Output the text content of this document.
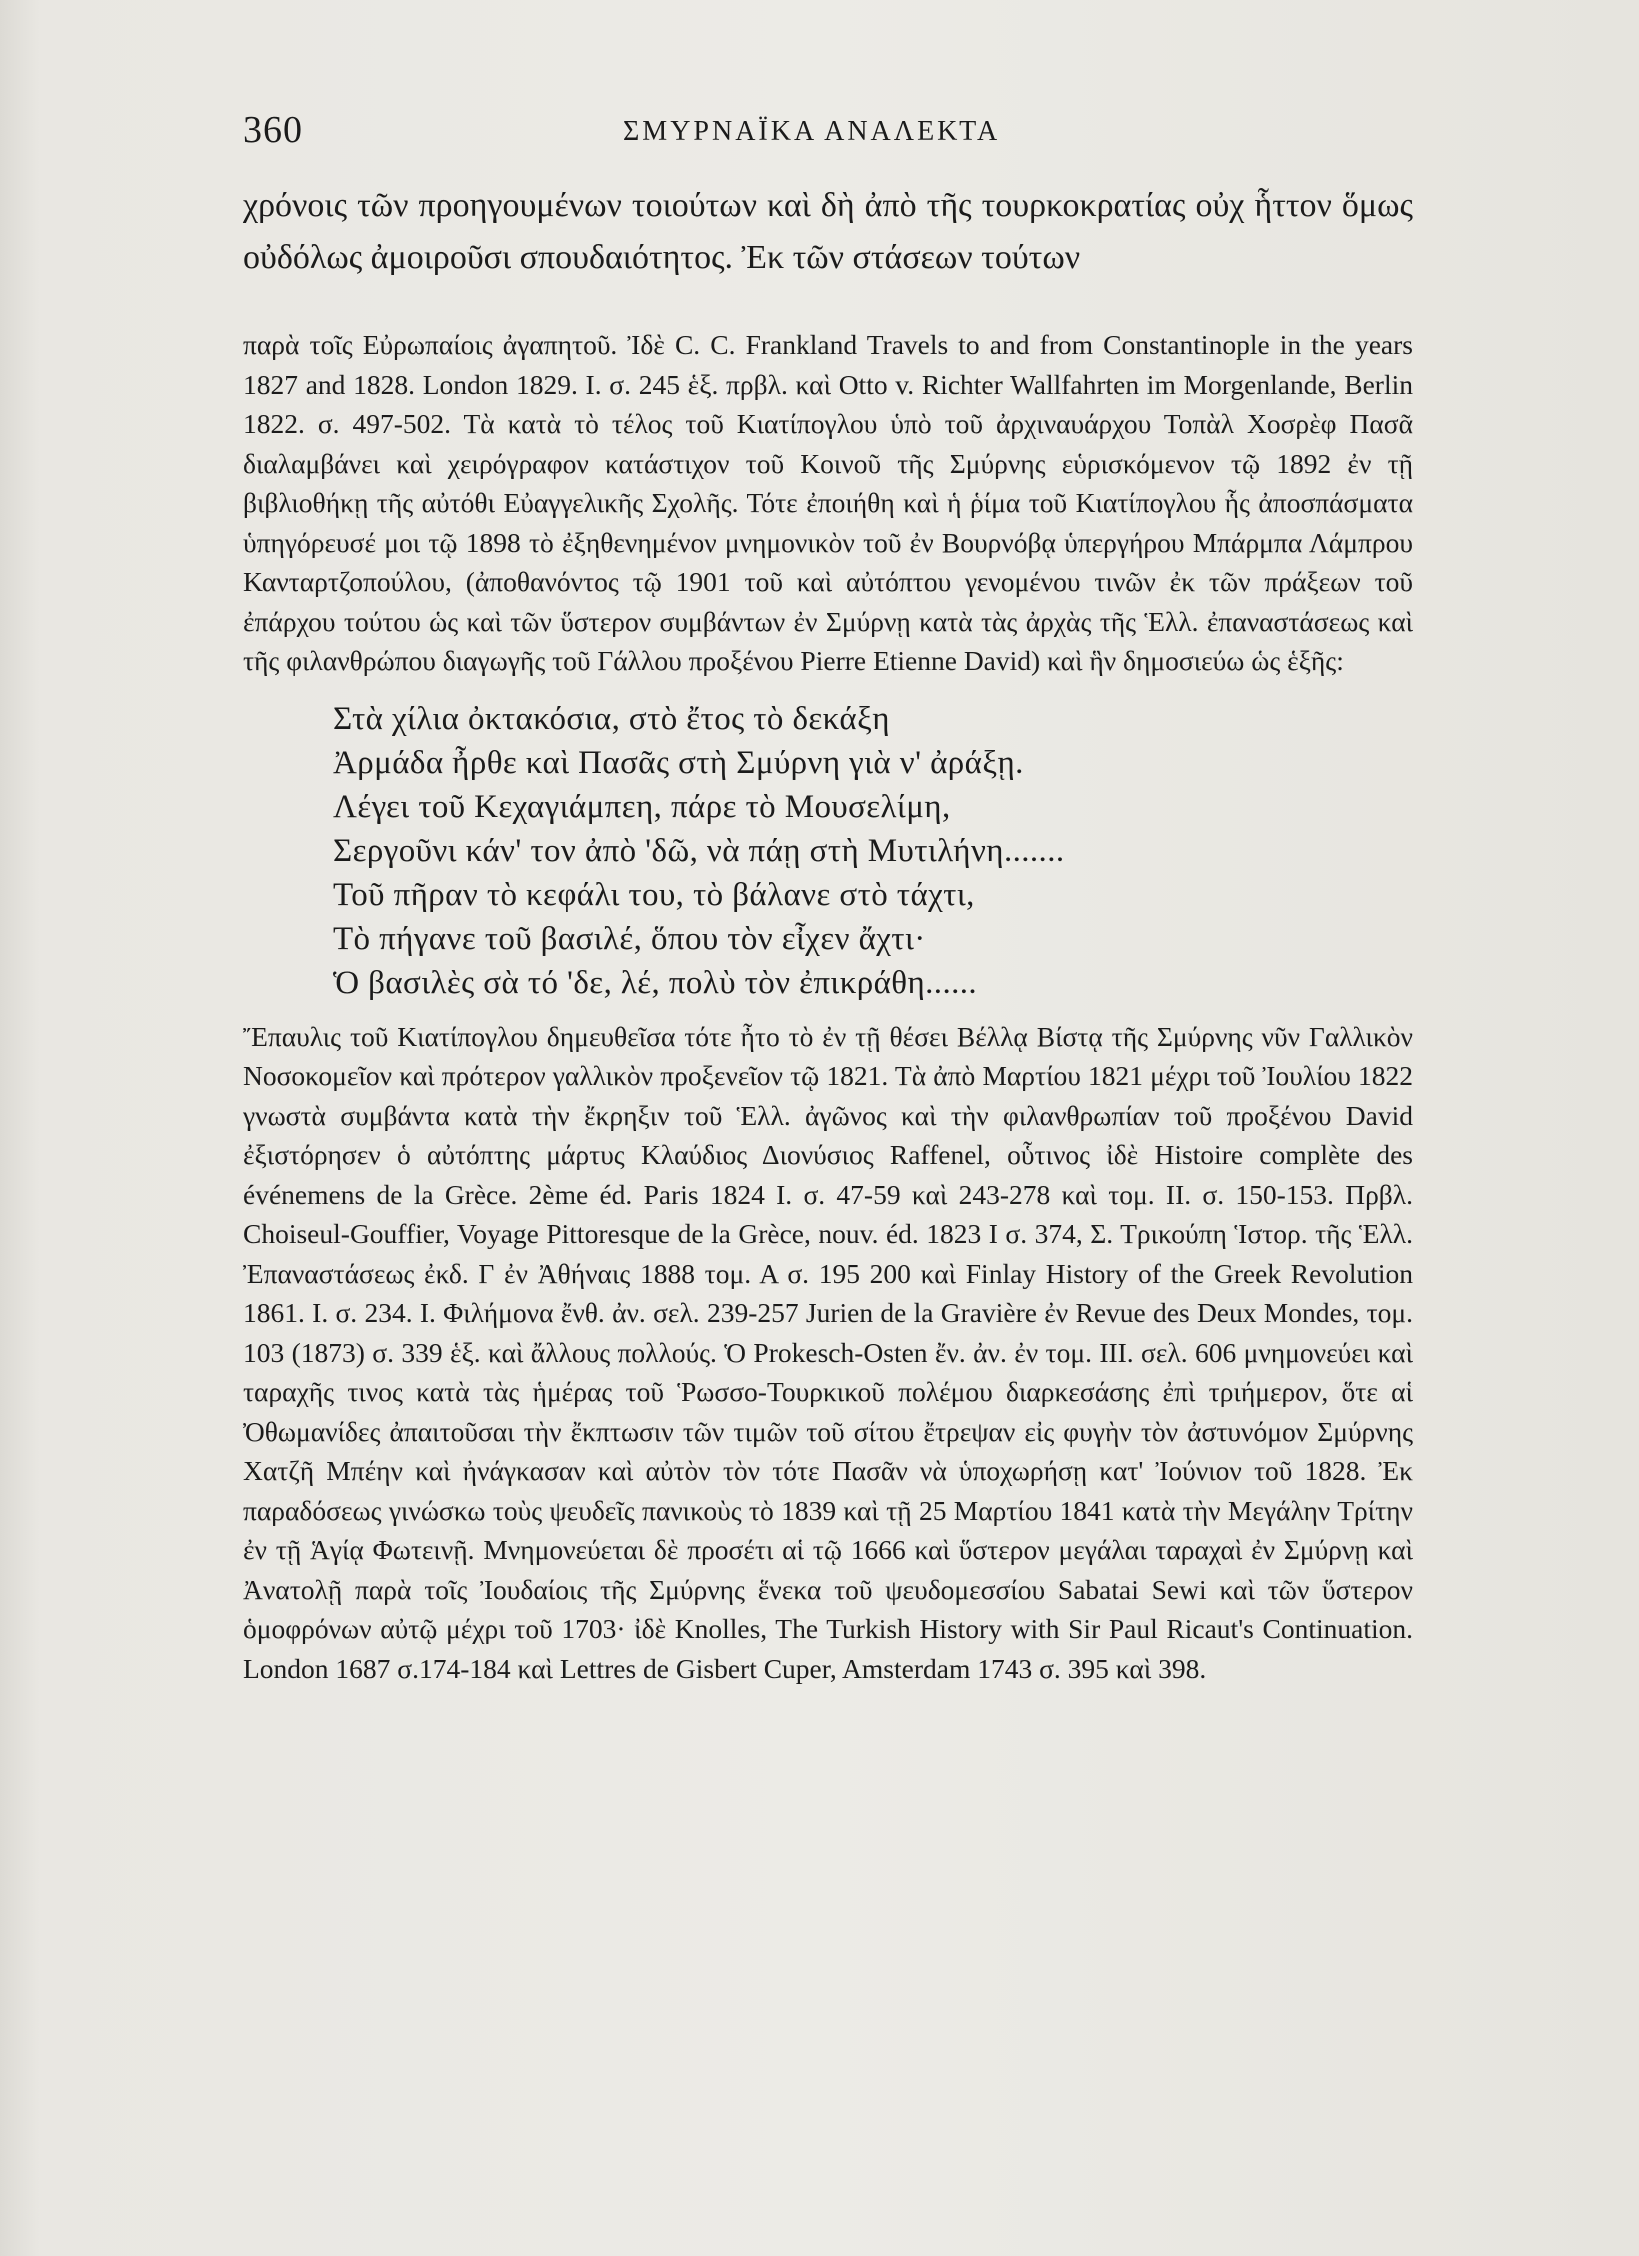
360	ΣΜΥΡΝΑΪΚΑ ΑΝΑΛΕΚΤΑ

χρόνοις τῶν προηγουμένων τοιούτων καὶ δὴ ἀπὸ τῆς τουρκοκρατίας οὐχ ἧττον ὅμως οὐδόλως ἀμοιροῦσι σπουδαιότητος. Ἐκ τῶν στάσεων τούτων

παρὰ τοῖς Εὐρωπαίοις ἀγαπητοῦ. Ἰδὲ C. C. Frankland Travels to and from Constantinople in the years 1827 and 1828. London 1829. I. σ. 245 ἑξ. πρβλ. καὶ Otto v. Richter Wallfahrten im Morgenlande, Berlin 1822. σ. 497-502. Τὰ κατὰ τὸ τέλος τοῦ Κιατίπογλου ὑπὸ τοῦ ἀρχιναυάρχου Τοπὰλ Χοσρὲφ Πασᾶ διαλαμβάνει καὶ χειρόγραφον κατάστιχον τοῦ Κοινοῦ τῆς Σμύρνης εὑρισκόμενον τῷ 1892 ἐν τῇ βιβλιοθήκῃ τῆς αὐτόθι Εὐαγγελικῆς Σχολῆς. Τότε ἐποιήθη καὶ ἡ ῥίμα τοῦ Κιατίπογλου ἧς ἀποσπάσματα ὑπηγόρευσέ μοι τῷ 1898 τὸ ἐξηθενημένον μνημονικὸν τοῦ ἐν Βουρνόβᾳ ὑπεργήρου Μπάρμπα Λάμπρου Κανταρτζοπούλου, (ἀποθανόντος τῷ 1901 τοῦ καὶ αὐτόπτου γενομένου τινῶν ἐκ τῶν πράξεων τοῦ ἐπάρχου τούτου ὡς καὶ τῶν ὕστερον συμβάντων ἐν Σμύρνῃ κατὰ τὰς ἀρχὰς τῆς Ἑλλ. ἐπαναστάσεως καὶ τῆς φιλανθρώπου διαγωγῆς τοῦ Γάλλου προξένου Pierre Etienne David) καὶ ἣν δημοσιεύω ὡς ἑξῆς:

Στὰ χίλια ὀκτακόσια, στὸ ἔτος τὸ δεκάξη
Ἀρμάδα ἦρθε καὶ Πασᾶς στὴ Σμύρνη γιὰ ν' ἀράξῃ.
Λέγει τοῦ Κεχαγιάμπεη, πάρε τὸ Μουσελίμη,
Σεργοῦνι κάν' τον ἀπὸ 'δῶ, νὰ πάῃ στὴ Μυτιλήνη.......
Τοῦ πῆραν τὸ κεφάλι του, τὸ βάλανε στὸ τάχτι,
Τὸ πήγανε τοῦ βασιλέ, ὅπου τὸν εἶχεν ἄχτι·
Ὁ βασιλὲς σὰ τό 'δε, λέ, πολὺ τὸν ἐπικράθη......

Ἔπαυλις τοῦ Κιατίπογλου δημευθεῖσα τότε ἦτο τὸ ἐν τῇ θέσει Βέλλᾳ Βίστᾳ τῆς Σμύρνης νῦν Γαλλικὸν Νοσοκομεῖον καὶ πρότερον γαλλικὸν προξενεῖον τῷ 1821. Τὰ ἀπὸ Μαρτίου 1821 μέχρι τοῦ Ἰουλίου 1822 γνωστὰ συμβάντα κατὰ τὴν ἔκρηξιν τοῦ Ἑλλ. ἀγῶνος καὶ τὴν φιλανθρωπίαν τοῦ προξένου David ἐξιστόρησεν ὁ αὐτόπτης μάρτυς Κλαύδιος Διονύσιος Raffenel, οὗτινος ἰδὲ Histoire complète des événemens de la Grèce. 2ème éd. Paris 1824 I. σ. 47-59 καὶ 243-278 καὶ τομ. II. σ. 150-153. Πρβλ. Choiseul-Gouffier, Voyage Pittoresque de la Grèce, nouv. éd. 1823 I σ. 374, Σ. Τρικούπη Ἱστορ. τῆς Ἑλλ. Ἐπαναστάσεως ἐκδ. Γ ἐν Ἀθήναις 1888 τομ. Α σ. 195 200 καὶ Finlay History of the Greek Revolution 1861. I. σ. 234. I. Φιλήμονα ἔνθ. ἀν. σελ. 239-257 Jurien de la Gravière ἐν Revue des Deux Mondes, τομ. 103 (1873) σ. 339 ἑξ. καὶ ἄλλους πολλούς. Ὁ Prokesch-Osten ἔν. ἀν. ἐν τομ. III. σελ. 606 μνημονεύει καὶ ταραχῆς τινος κατὰ τὰς ἡμέρας τοῦ Ῥωσσο-Τουρκικοῦ πολέμου διαρκεσάσης ἐπὶ τριήμερον, ὅτε αἱ Ὀθωμανίδες ἀπαιτοῦσαι τὴν ἔκπτωσιν τῶν τιμῶν τοῦ σίτου ἔτρεψαν εἰς φυγὴν τὸν ἀστυνόμον Σμύρνης Χατζῆ Μπέην καὶ ἠνάγκασαν καὶ αὐτὸν τὸν τότε Πασᾶν νὰ ὑποχωρήσῃ κατ' Ἰούνιον τοῦ 1828. Ἐκ παραδόσεως γινώσκω τοὺς ψευδεῖς πανικοὺς τὸ 1839 καὶ τῇ 25 Μαρτίου 1841 κατὰ τὴν Μεγάλην Τρίτην ἐν τῇ Ἁγίᾳ Φωτεινῇ. Μνημονεύεται δὲ προσέτι αἱ τῷ 1666 καὶ ὕστερον μεγάλαι ταραχαὶ ἐν Σμύρνῃ καὶ Ἀνατολῇ παρὰ τοῖς Ἰουδαίοις τῆς Σμύρνης ἕνεκα τοῦ ψευδομεσσίου Sabatai Sewi καὶ τῶν ὕστερον ὁμοφρόνων αὐτῷ μέχρι τοῦ 1703· ἰδὲ Knolles, The Turkish History with Sir Paul Ricaut's Continuation. London 1687 σ.174-184 καὶ Lettres de Gisbert Cuper, Amsterdam 1743 σ. 395 καὶ 398.
